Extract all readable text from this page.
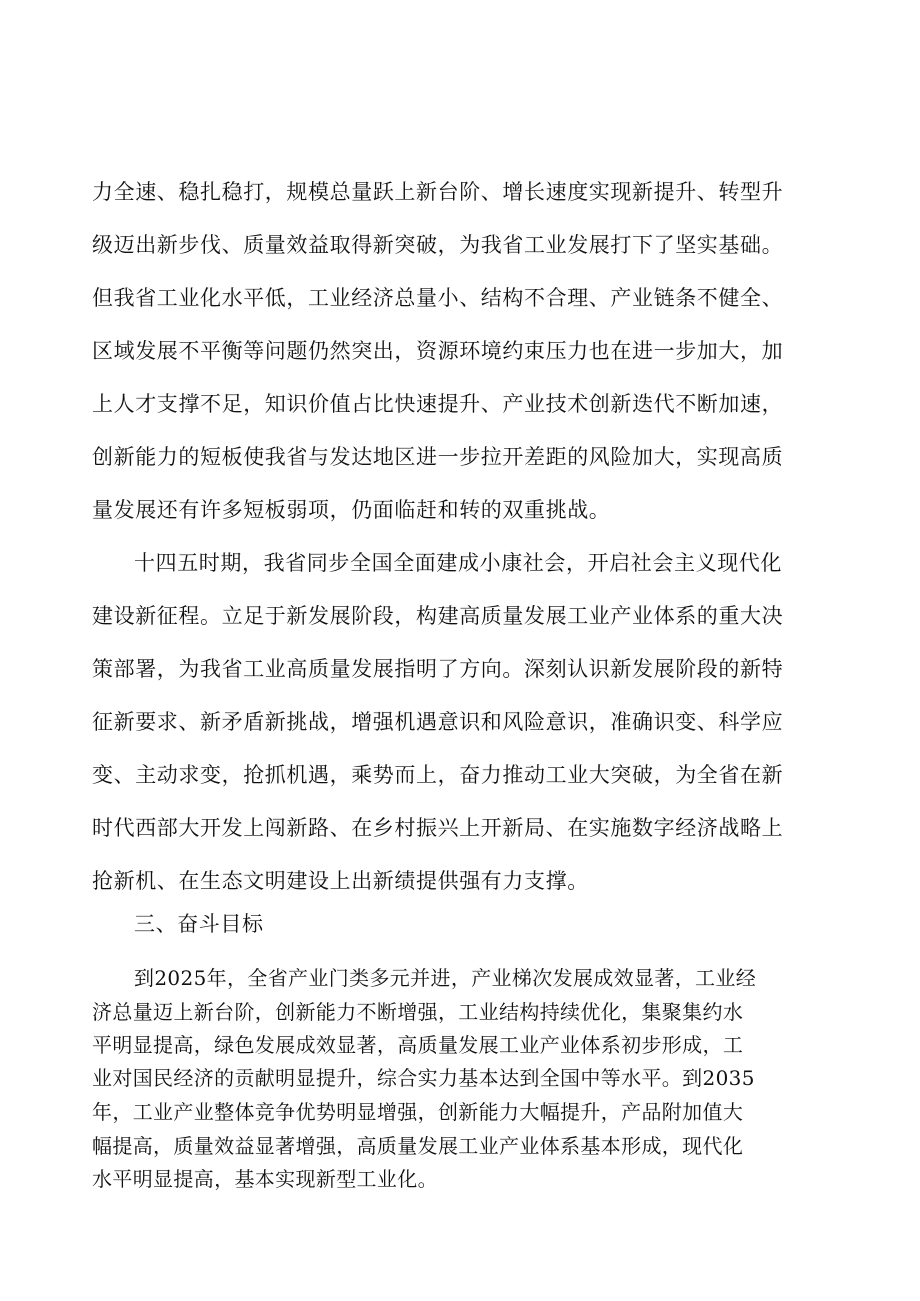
力全速、稳扎稳打，规模总量跃上新台阶、增长速度实现新提升、转型升
级迈出新步伐、质量效益取得新突破，为我省工业发展打下了坚实基础。
但我省工业化水平低，工业经济总量小、结构不合理、产业链条不健全、
区域发展不平衡等问题仍然突出，资源环境约束压力也在进一步加大，加
上人才支撑不足，知识价值占比快速提升、产业技术创新迭代不断加速，
创新能力的短板使我省与发达地区进一步拉开差距的风险加大，实现高质
量发展还有许多短板弱项，仍面临赶和转的双重挑战。
十四五时期，我省同步全国全面建成小康社会，开启社会主义现代化
建设新征程。立足于新发展阶段，构建高质量发展工业产业体系的重大决
策部署，为我省工业高质量发展指明了方向。深刻认识新发展阶段的新特
征新要求、新矛盾新挑战，增强机遇意识和风险意识，准确识变、科学应
变、主动求变，抢抓机遇，乘势而上，奋力推动工业大突破，为全省在新
时代西部大开发上闯新路、在乡村振兴上开新局、在实施数字经济战略上
抢新机、在生态文明建设上出新绩提供强有力支撑。
三、奋斗目标
到2025年，全省产业门类多元并进，产业梯次发展成效显著，工业经
济总量迈上新台阶，创新能力不断增强，工业结构持续优化，集聚集约水
平明显提高，绿色发展成效显著，高质量发展工业产业体系初步形成，工
业对国民经济的贡献明显提升，综合实力基本达到全国中等水平。到2035
年，工业产业整体竞争优势明显增强，创新能力大幅提升，产品附加值大
幅提高，质量效益显著增强，高质量发展工业产业体系基本形成，现代化
水平明显提高，基本实现新型工业化。
